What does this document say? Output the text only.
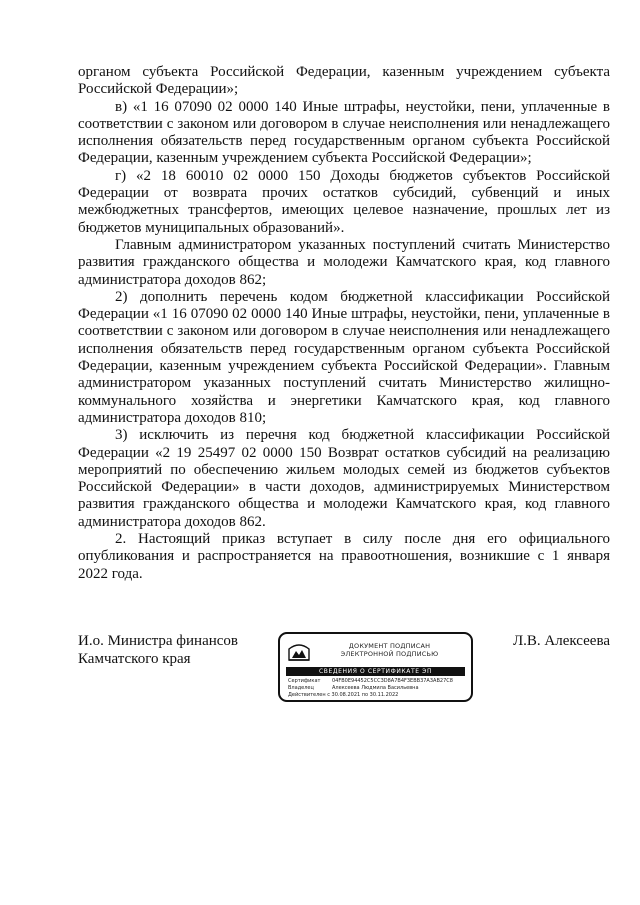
органом субъекта Российской Федерации, казенным учреждением субъекта Российской Федерации»;

в) «1 16 07090 02 0000 140 Иные штрафы, неустойки, пени, уплаченные в соответствии с законом или договором в случае неисполнения или ненадлежащего исполнения обязательств перед государственным органом субъекта Российской Федерации, казенным учреждением субъекта Российской Федерации»;

г) «2 18 60010 02 0000 150 Доходы бюджетов субъектов Российской Федерации от возврата прочих остатков субсидий, субвенций и иных межбюджетных трансфертов, имеющих целевое назначение, прошлых лет из бюджетов муниципальных образований».

Главным администратором указанных поступлений считать Министерство развития гражданского общества и молодежи Камчатского края, код главного администратора доходов 862;

2) дополнить перечень кодом бюджетной классификации Российской Федерации «1 16 07090 02 0000 140 Иные штрафы, неустойки, пени, уплаченные в соответствии с законом или договором в случае неисполнения или ненадлежащего исполнения обязательств перед государственным органом субъекта Российской Федерации, казенным учреждением субъекта Российской Федерации». Главным администратором указанных поступлений считать Министерство жилищно-коммунального хозяйства и энергетики Камчатского края, код главного администратора доходов 810;

3) исключить из перечня код бюджетной классификации Российской Федерации «2 19 25497 02 0000 150 Возврат остатков субсидий на реализацию мероприятий по обеспечению жильем молодых семей из бюджетов субъектов Российской Федерации» в части доходов, администрируемых Министерством развития гражданского общества и молодежи Камчатского края, код главного администратора доходов 862.

2. Настоящий приказ вступает в силу после дня его официального опубликования и распространяется на правоотношения, возникшие с 1 января 2022 года.

И.о. Министра финансов
Камчатского края
ДОКУМЕНТ ПОДПИСАН
ЭЛЕКТРОННОЙ ПОДПИСЬЮ
СВЕДЕНИЯ О СЕРТИФИКАТЕ ЭП
Сертификат	04FB0E94452C5CC3D8A7B4F3EBB37A3AB27C8
Владелец	Алексеева Людмила Васильевна
Действителен с 30.08.2021 по 30.11.2022
Л.В. Алексеева
